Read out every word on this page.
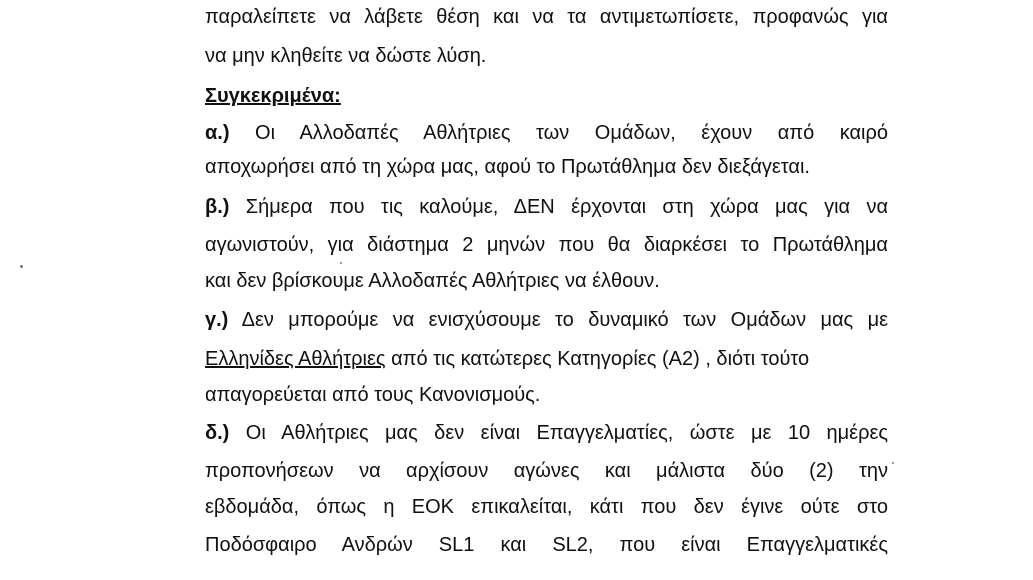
παραλείπετε να λάβετε θέση και να τα αντιμετωπίσετε, προφανώς για
να μην κληθείτε να δώστε λύση.
Συγκεκριμένα:
α.) Οι Αλλοδαπές Αθλήτριες των Ομάδων, έχουν από καιρό
αποχωρήσει από τη χώρα μας, αφού το Πρωτάθλημα δεν διεξάγεται.
β.) Σήμερα που τις καλούμε, ΔΕΝ έρχονται στη χώρα μας για να
αγωνιστούν, για διάστημα 2 μηνών που θα διαρκέσει το Πρωτάθλημα
και δεν βρίσκουμε Αλλοδαπές Αθλήτριες να έλθουν.
γ.) Δεν μπορούμε να ενισχύσουμε το δυναμικό των Ομάδων μας με
Ελληνίδες Αθλήτριες από τις κατώτερες Κατηγορίες (Α2) , διότι τούτο
απαγορεύεται από τους Κανονισμούς.
δ.) Οι Αθλήτριες μας δεν είναι Επαγγελματίες, ώστε με 10 ημέρες
προπονήσεων να αρχίσουν αγώνες και μάλιστα δύο (2) την
εβδομάδα, όπως η ΕΟΚ επικαλείται, κάτι που δεν έγινε ούτε στο
Ποδόσφαιρο Ανδρών SL1 και SL2, που είναι Επαγγελματικές
